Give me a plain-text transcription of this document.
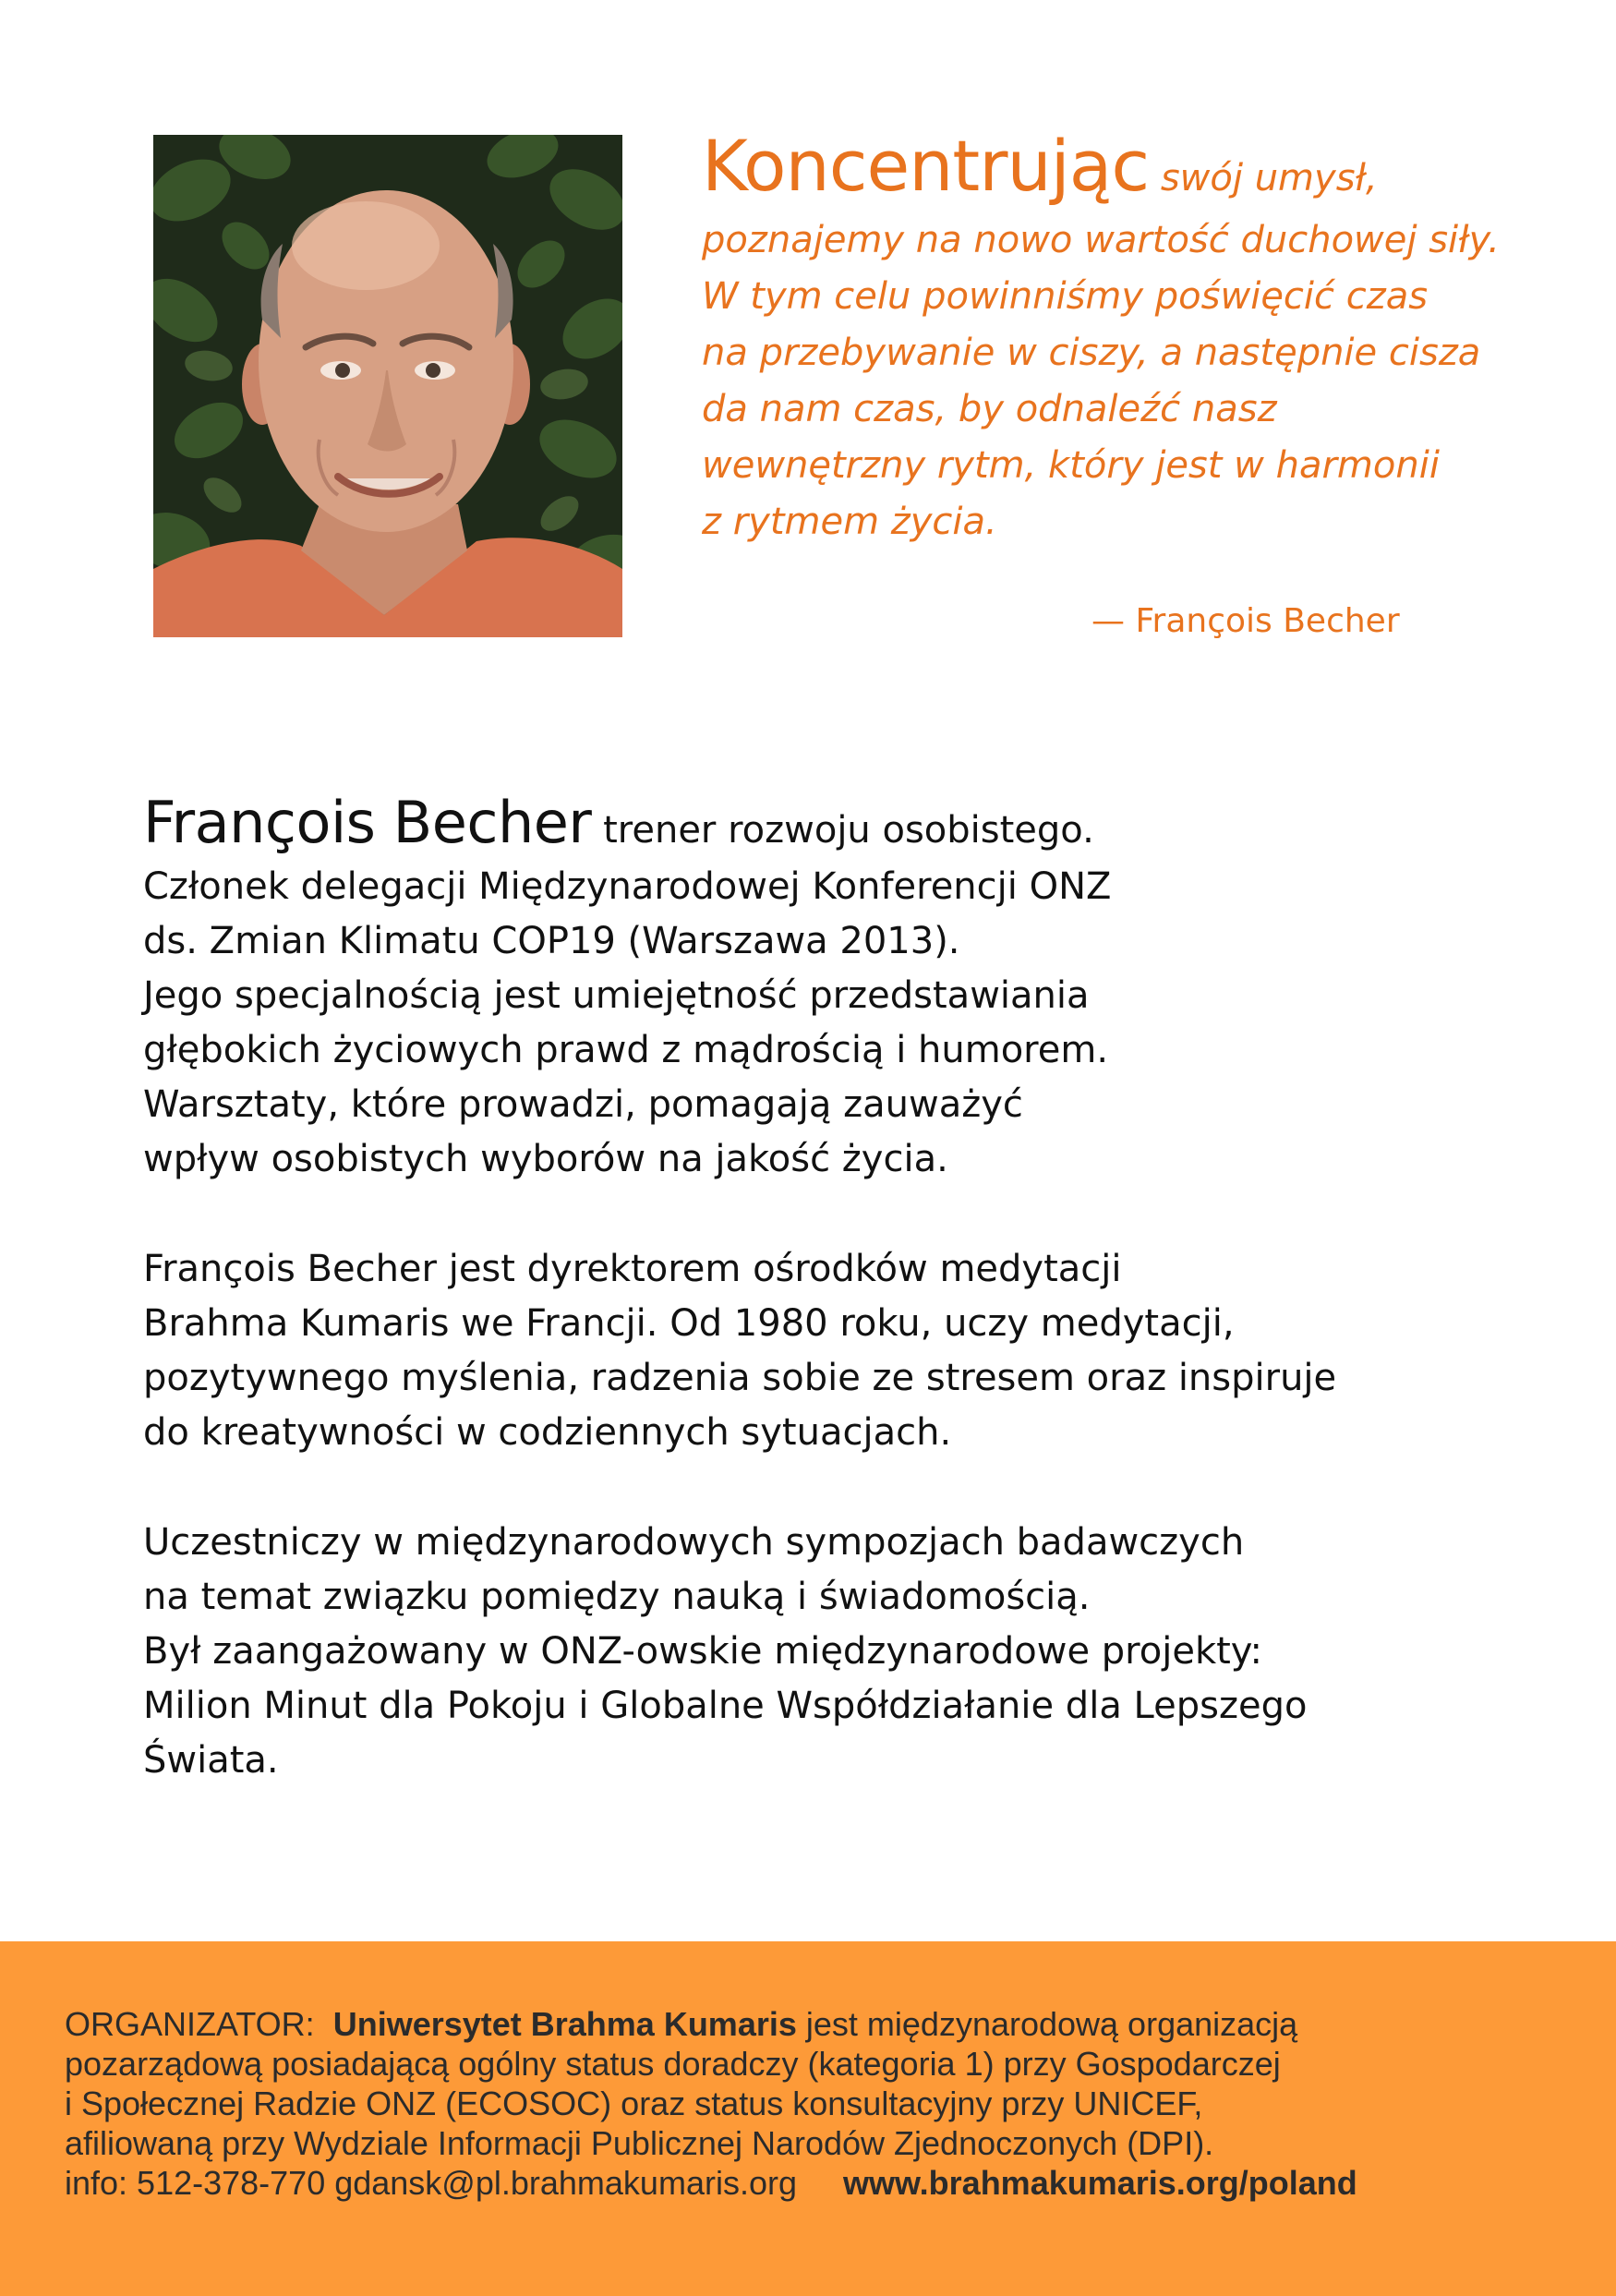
Koncentrując swój umysł,
poznajemy na nowo wartość duchowej siły.
W tym celu powinniśmy poświęcić czas
na przebywanie w ciszy, a następnie cisza
da nam czas, by odnaleźć nasz
wewnętrzny rytm, który jest w harmonii
z rytmem życia.
— François Becher
François Becher trener rozwoju osobistego.
Członek delegacji Międzynarodowej Konferencji ONZ
ds. Zmian Klimatu COP19 (Warszawa 2013).
Jego specjalnością jest umiejętność przedstawiania
głębokich życiowych prawd z mądrością i humorem.
Warsztaty, które prowadzi, pomagają zauważyć
wpływ osobistych wyborów na jakość życia.
François Becher jest dyrektorem ośrodków medytacji
Brahma Kumaris we Francji. Od 1980 roku, uczy medytacji,
pozytywnego myślenia, radzenia sobie ze stresem oraz inspiruje
do kreatywności w codziennych sytuacjach.
Uczestniczy w międzynarodowych sympozjach badawczych
na temat związku pomiędzy nauką i świadomością.
Był zaangażowany w ONZ-owskie międzynarodowe projekty:
Milion Minut dla Pokoju i Globalne Współdziałanie dla Lepszego
Świata.
ORGANIZATOR: Uniwersytet Brahma Kumaris jest międzynarodową organizacją
pozarządową posiadającą ogólny status doradczy (kategoria 1) przy Gospodarczej
i Społecznej Radzie ONZ (ECOSOC) oraz status konsultacyjny przy UNICEF,
afiliowaną przy Wydziale Informacji Publicznej Narodów Zjednoczonych (DPI).
info: 512-378-770 gdansk@pl.brahmakumaris.org www.brahmakumaris.org/poland
